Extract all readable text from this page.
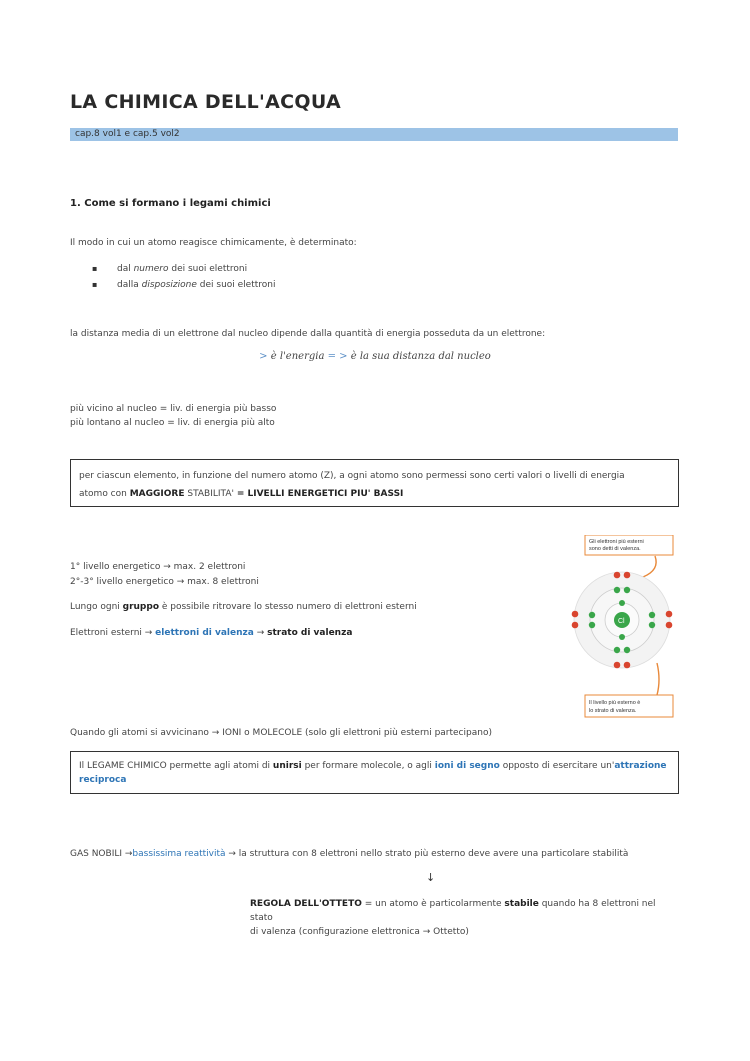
LA CHIMICA DELL'ACQUA
cap.8 vol1 e cap.5 vol2
1. Come si formano i legami chimici
Il modo in cui un atomo reagisce chimicamente, è determinato:
▪ dal numero dei suoi elettroni
▪ dalla disposizione dei suoi elettroni
la distanza media di un elettrone dal nucleo dipende dalla quantità di energia posseduta da un elettrone:
> è l'energia = > è la sua distanza dal nucleo
più vicino al nucleo = liv. di energia più basso
più lontano al nucleo = liv. di energia più alto
per ciascun elemento, in funzione del numero atomo (Z), a ogni atomo sono permessi sono certi valori o livelli di energia
atomo con MAGGIORE STABILITA' = LIVELLI ENERGETICI PIU' BASSI
1° livello energetico → max. 2 elettroni
2°-3° livello energetico → max. 8 elettroni
Lungo ogni gruppo è possibile ritrovare lo stesso numero di elettroni esterni
Elettroni esterni → elettroni di valenza → strato di valenza
Gli elettroni più esterni
sono detti di valenza.
Cl
Il livello più esterno è
lo strato di valenza.
Quando gli atomi si avvicinano → IONI o MOLECOLE (solo gli elettroni più esterni partecipano)
Il LEGAME CHIMICO permette agli atomi di unirsi per formare molecole, o agli ioni di segno opposto di esercitare un'attrazione
reciproca
GAS NOBILI →bassissima reattività → la struttura con 8 elettroni nello strato più esterno deve avere una particolare stabilità
↓
REGOLA DELL'OTTETO = un atomo è particolarmente stabile quando ha 8 elettroni nel stato
di valenza (configurazione elettronica → Ottetto)
